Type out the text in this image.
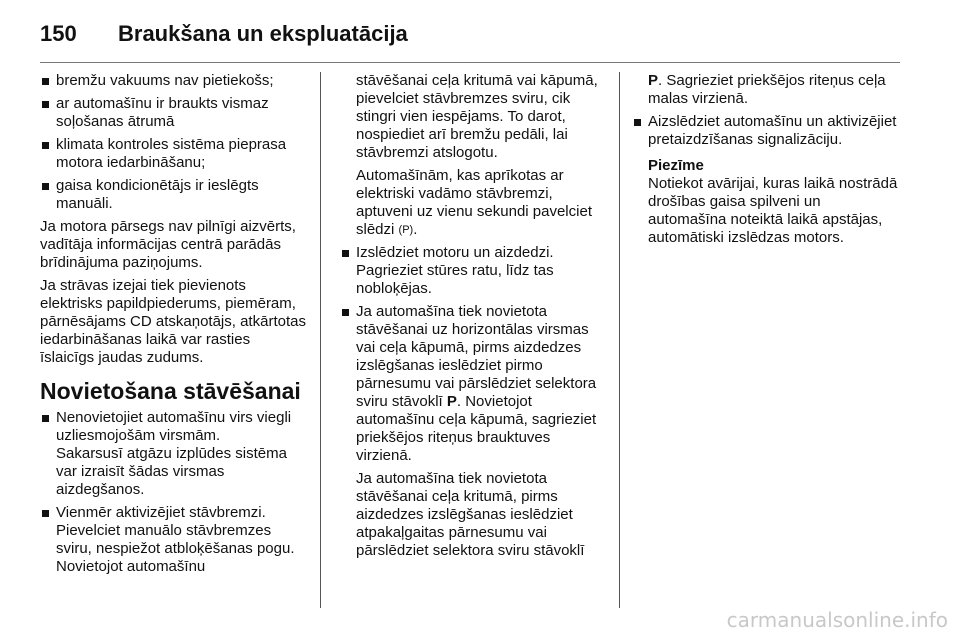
150 Braukšana un ekspluatācija
bremžu vakuums nav pietiekošs;
ar automašīnu ir braukts vismaz soļošanas ātrumā
klimata kontroles sistēma pieprasa motora iedarbināšanu;
gaisa kondicionētājs ir ieslēgts manuāli.

Ja motora pārsegs nav pilnīgi aizvērts, vadītāja informācijas centrā parādās brīdinājuma paziņojums.

Ja strāvas izejai tiek pievienots elektrisks papildpiederums, piemēram, pārnēsājams CD atskaņotājs, atkārtotas iedarbināšanas laikā var rasties īslaicīgs jaudas zudums.

Novietošana stāvēšanai
Nenovietojiet automašīnu virs viegli uzliesmojošām virsmām.
Sakarsusī atgāzu izplūdes sistēma var izraisīt šādas virsmas aizdegšanos.
Vienmēr aktivizējiet stāvbremzi. Pievelciet manuālo stāvbremzes sviru, nespiežot atbloķēšanas pogu. Novietojot automašīnu
stāvēšanai ceļa kritumā vai kāpumā, pievelciet stāvbremzes sviru, cik stingri vien iespējams. To darot, nospiediet arī bremžu pedāli, lai stāvbremzi atslogotu.
Automašīnām, kas aprīkotas ar elektriski vadāmo stāvbremzi, aptuveni uz vienu sekundi pavelciet slēdzi (P).
Izslēdziet motoru un aizdedzi. Pagrieziet stūres ratu, līdz tas nobloķējas.
Ja automašīna tiek novietota stāvēšanai uz horizontālas virsmas vai ceļa kāpumā, pirms aizdedzes izslēgšanas ieslēdziet pirmo pārnesumu vai pārslēdziet selektora sviru stāvoklī P. Novietojot automašīnu ceļa kāpumā, sagrieziet priekšējos riteņus brauktuves virzienā.
Ja automašīna tiek novietota stāvēšanai ceļa kritumā, pirms aizdedzes izslēgšanas ieslēdziet atpakaļgaitas pārnesumu vai pārslēdziet selektora sviru stāvoklī
P. Sagrieziet priekšējos riteņus ceļa malas virzienā.
Aizslēdziet automašīnu un aktivizējiet pretaizdzīšanas signalizāciju.
Piezīme
Notiekot avārijai, kuras laikā nostrādā drošības gaisa spilveni un automašīna noteiktā laikā apstājas, automātiski izslēdzas motors.
carmanualsonline.info
